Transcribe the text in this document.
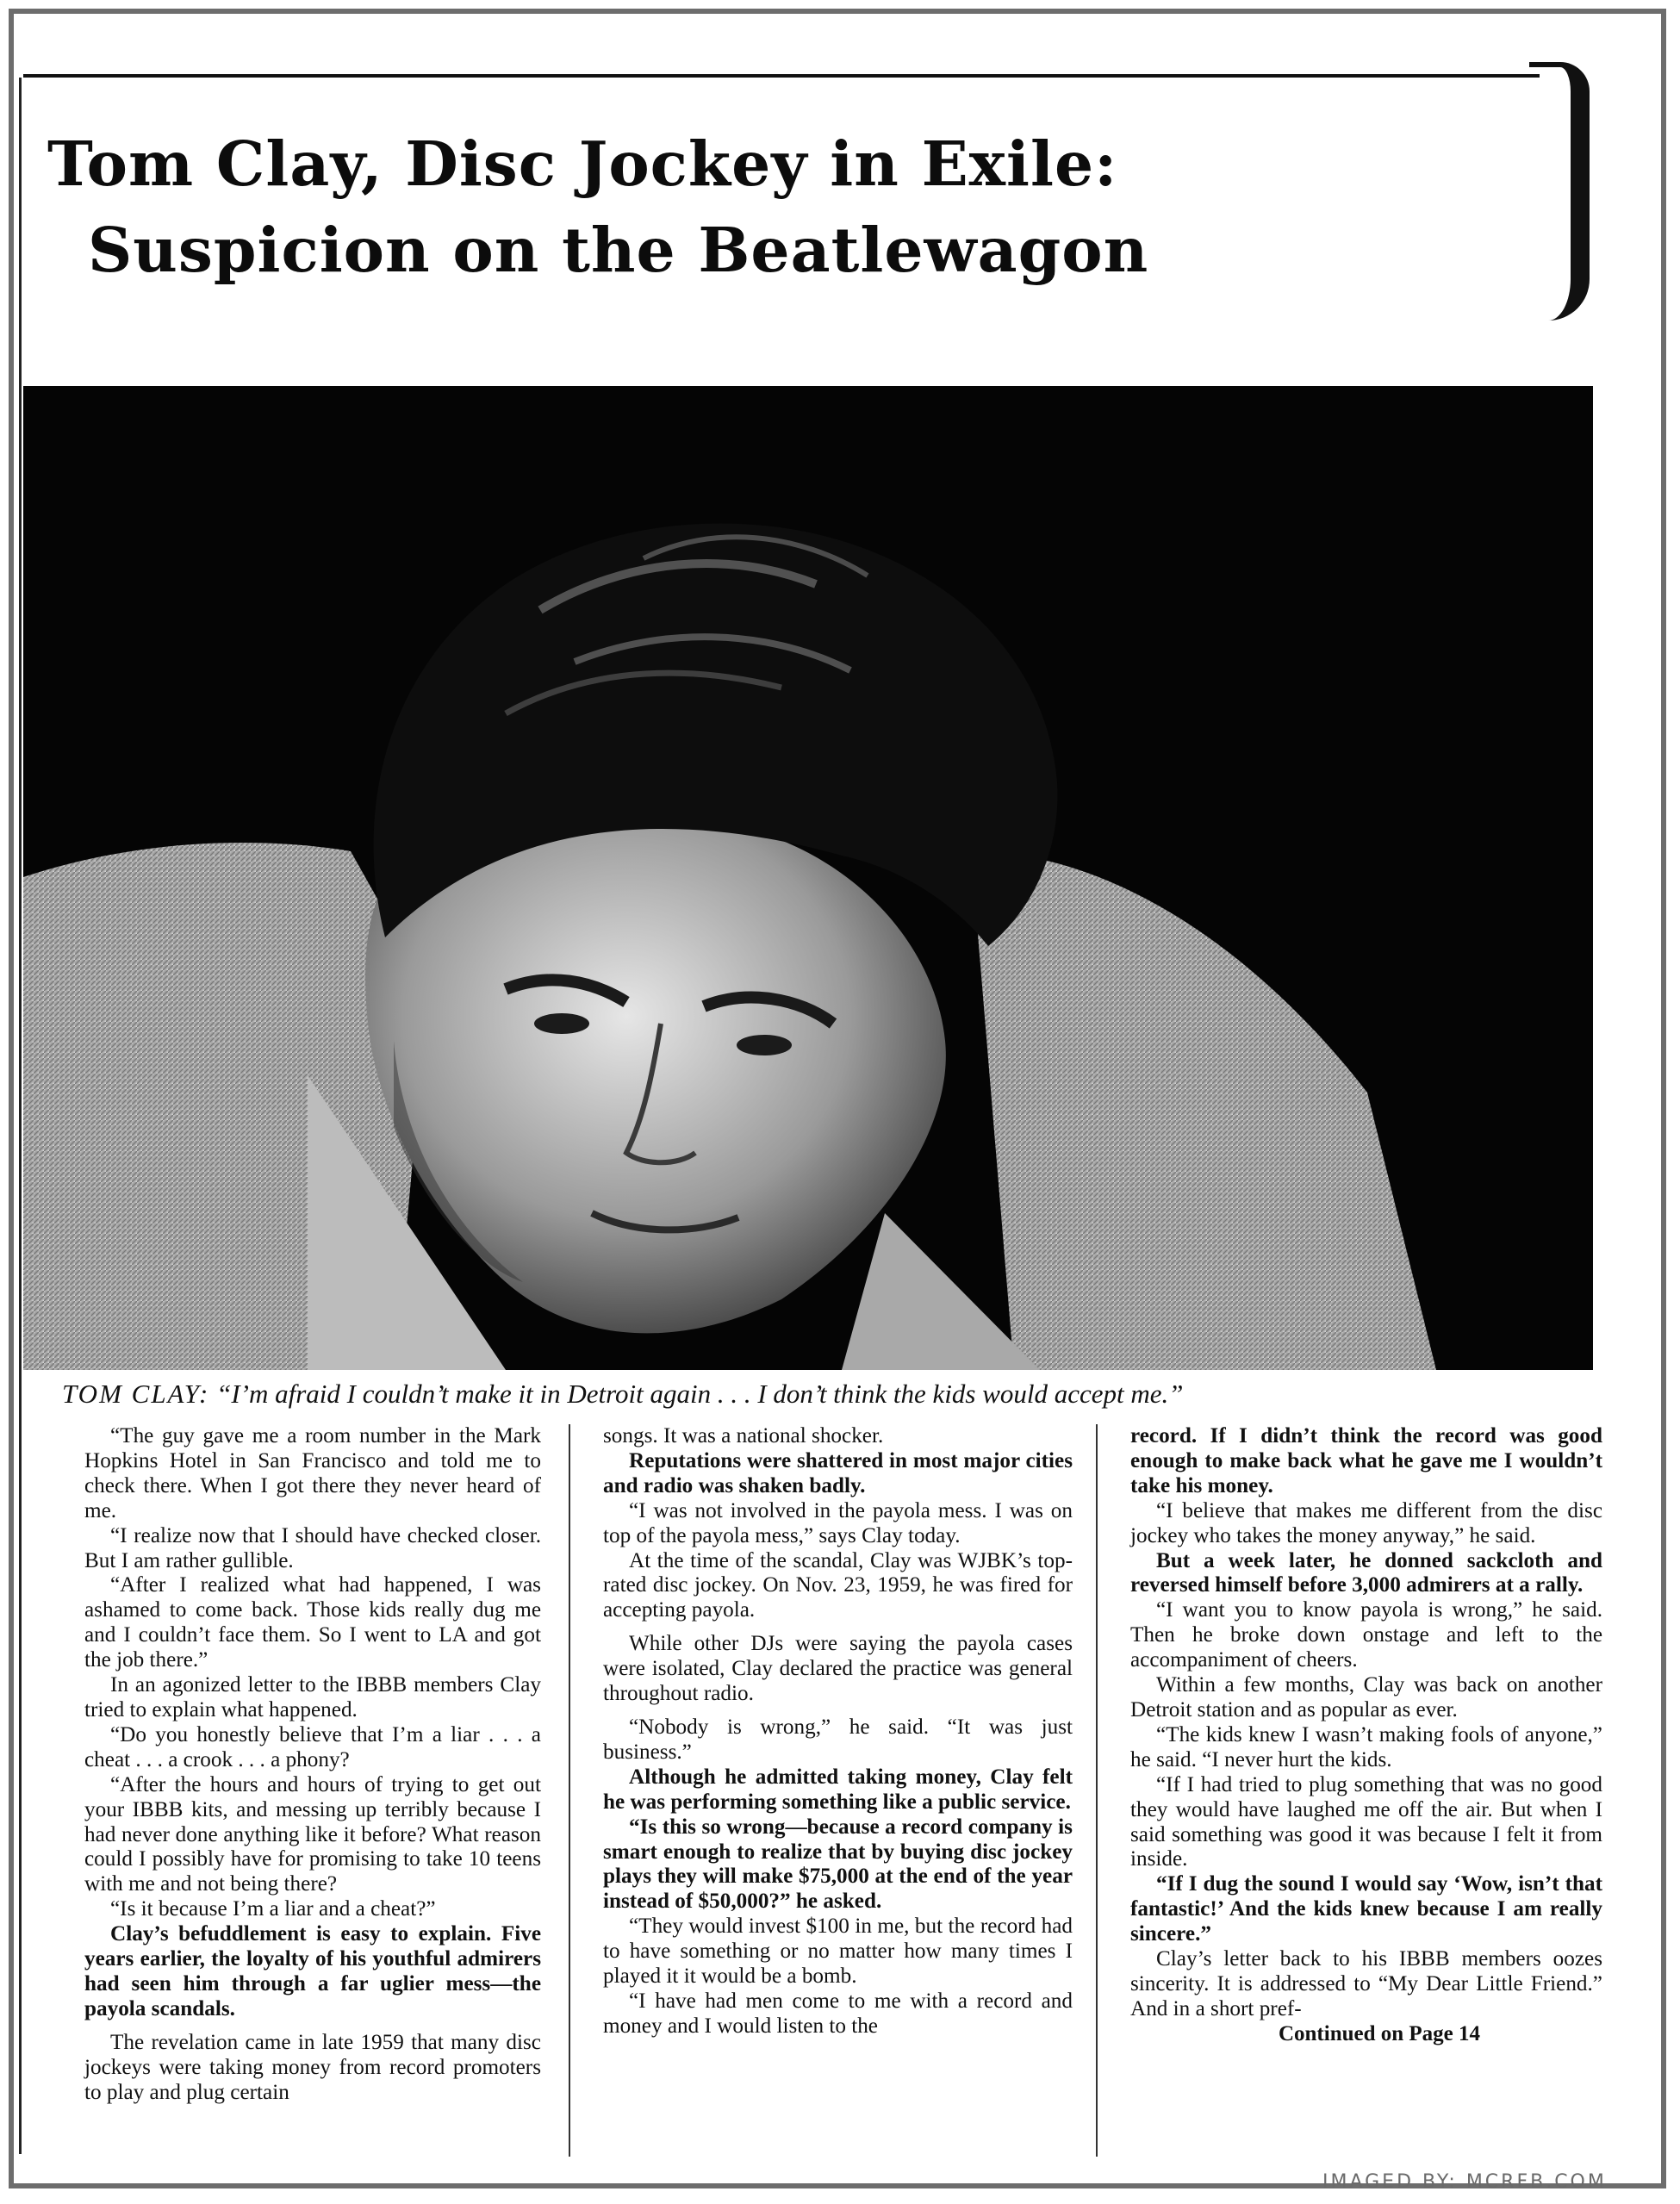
Tom Clay, Disc Jockey in Exile:
Suspicion on the Beatlewagon
TOM CLAY: “I’m afraid I couldn’t make it in Detroit again . . . I don’t think the kids would accept me.”

“The guy gave me a room number in the Mark Hopkins Hotel in San Francisco and told me to check there. When I got there they never heard of me.

“I realize now that I should have checked closer. But I am rather gullible.

“After I realized what had happened, I was ashamed to come back. Those kids really dug me and I couldn’t face them. So I went to LA and got the job there.”

In an agonized letter to the IBBB members Clay tried to explain what happened.

“Do you honestly believe that I’m a liar . . . a cheat . . . a crook . . . a phony?

“After the hours and hours of trying to get out your IBBB kits, and messing up terribly because I had never done anything like it before? What reason could I possibly have for promising to take 10 teens with me and not being there?

“Is it because I’m a liar and a cheat?”

Clay’s befuddlement is easy to explain. Five years earlier, the loyalty of his youthful admirers had seen him through a far uglier mess—the payola scandals.

The revelation came in late 1959 that many disc jockeys were taking money from record promoters to play and plug certain

songs. It was a national shocker.

Reputations were shattered in most major cities and radio was shaken badly.

“I was not involved in the payola mess. I was on top of the payola mess,” says Clay today.

At the time of the scandal, Clay was WJBK’s top-rated disc jockey. On Nov. 23, 1959, he was fired for accepting payola.

While other DJs were saying the payola cases were isolated, Clay declared the practice was general throughout radio.

“Nobody is wrong,” he said. “It was just business.”

Although he admitted taking money, Clay felt he was performing something like a public service.

“Is this so wrong—because a record company is smart enough to realize that by buying disc jockey plays they will make $75,000 at the end of the year instead of $50,000?” he asked.

“They would invest $100 in me, but the record had to have something or no matter how many times I played it it would be a bomb.

“I have had men come to me with a record and money and I would listen to the

record. If I didn’t think the record was good enough to make back what he gave me I wouldn’t take his money.

“I believe that makes me different from the disc jockey who takes the money anyway,” he said.

But a week later, he donned sackcloth and reversed himself before 3,000 admirers at a rally.

“I want you to know payola is wrong,” he said. Then he broke down onstage and left to the accompaniment of cheers.

Within a few months, Clay was back on another Detroit station and as popular as ever.

“The kids knew I wasn’t making fools of anyone,” he said. “I never hurt the kids.

“If I had tried to plug something that was no good they would have laughed me off the air. But when I said something was good it was because I felt it from inside.

“If I dug the sound I would say ‘Wow, isn’t that fantastic!’ And the kids knew because I am really sincere.”

Clay’s letter back to his IBBB members oozes sincerity. It is addressed to “My Dear Little Friend.” And in a short pref-

Continued on Page 14

IMAGED BY: MCRFB.COM
